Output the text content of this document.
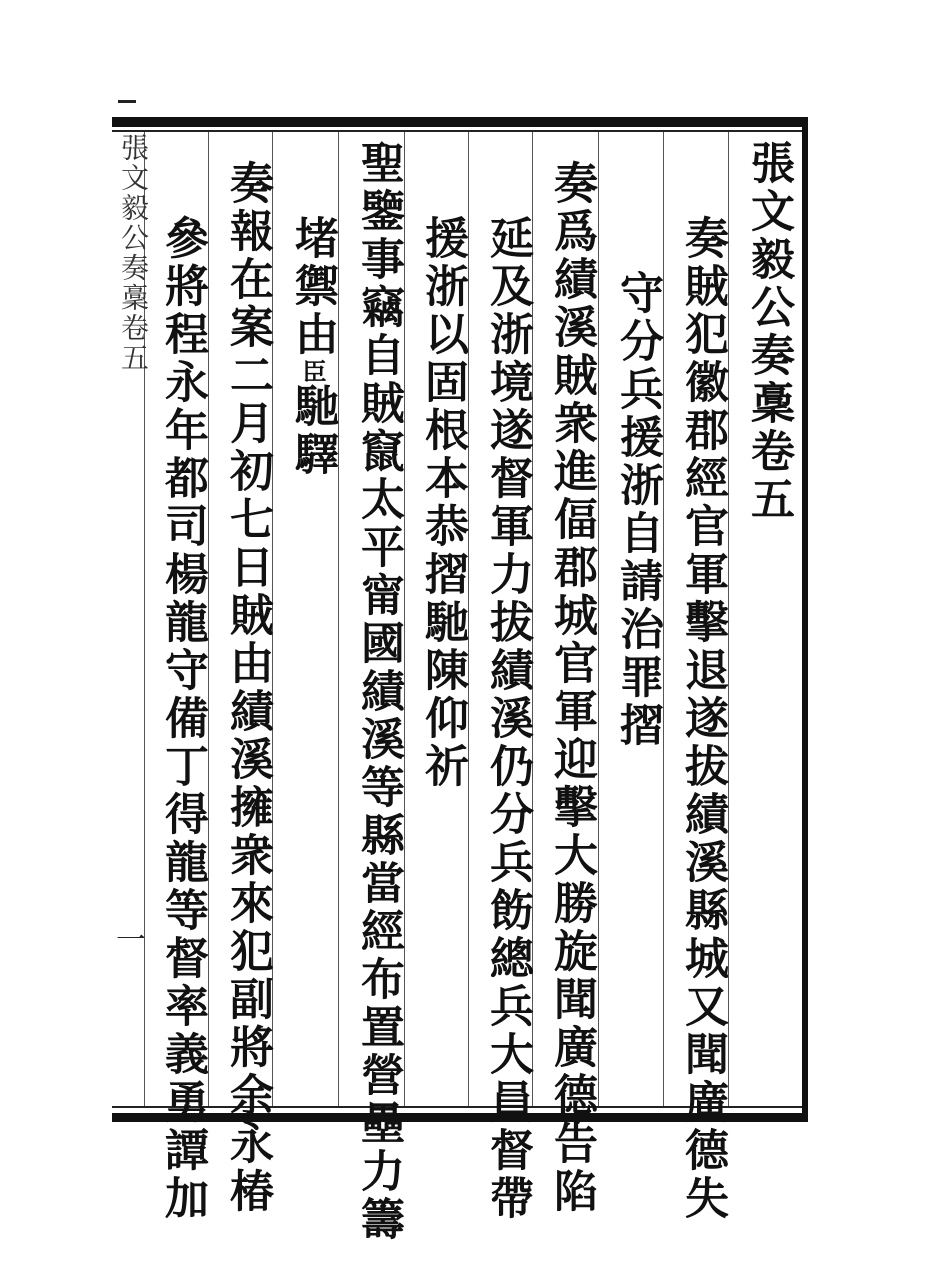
張文毅公奏稾卷五
一
張文毅公奏稾卷五
奏賊犯徽郡經官軍擊退遂拔績溪縣城又聞廣德失
守分兵援浙自請治罪摺
奏爲績溪賊衆進偪郡城官軍迎擊大勝旋聞廣德告陷
延及浙境遂督軍力拔績溪仍分兵飭總兵大員督帶
援浙以固根本恭摺馳陳仰祈
聖鑒事竊自賊竄太平甯國績溪等縣當經布置營壘力籌
堵禦由臣馳驛
奏報在案二月初七日賊由績溪擁衆來犯副將余永椿
參將程永年都司楊龍守備丁得龍等督率義勇譚加
